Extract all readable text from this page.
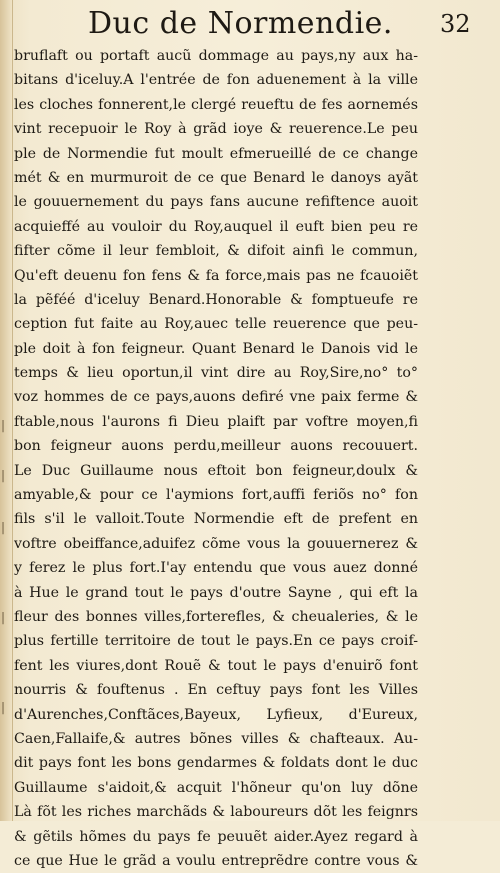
|
|
|
|
|
Duc de Normendie. 32
bruflaft ou portaft aucũ dommage au pays,ny aux ha-
bitans d'iceluy.A l'entrée de fon aduenement à la ville
les cloches fonnerent,le clergé reueftu de fes aornemés
vint recepuoir le Roy à grãd ioye & reuerence.Le peu
ple de Normendie fut moult efmerueillé de ce change
mét & en murmuroit de ce que Benard le danoys ayãt
le gouuernement du pays fans aucune refiftence auoit
acquieffé au vouloir du Roy,auquel il euft bien peu re
fifter cõme il leur fembloit, & difoit ainfi le commun,
Qu'eft deuenu fon fens & fa force,mais pas ne fcauoiẽt
la pẽféé d'iceluy Benard.Honorable & fomptueufe re
ception fut faite au Roy,auec telle reuerence que peu-
ple doit à fon feigneur. Quant Benard le Danois vid le
temps & lieu oportun,il vint dire au Roy,Sire,no° to°
voz hommes de ce pays,auons defiré vne paix ferme &
ftable,nous l'aurons fi Dieu plaift par voftre moyen,fi
bon feigneur auons perdu,meilleur auons recouuert.
Le Duc Guillaume nous eftoit bon feigneur,doulx &
amyable,& pour ce l'aymions fort,auffi feriõs no° fon
fils s'il le valloit.Toute Normendie eft de prefent en
voftre obeiffance,aduifez cõme vous la gouuernerez &
y ferez le plus fort.I'ay entendu que vous auez donné
à Hue le grand tout le pays d'outre Sayne , qui eft la
fleur des bonnes villes,forterefles, & cheualeries, & le
plus fertille territoire de tout le pays.En ce pays croif-
fent les viures,dont Rouẽ & tout le pays d'enuirõ font
nourris & fouftenus . En ceftuy pays font les Villes
d'Aurenches,Conftãces,Bayeux, Lyfieux, d'Eureux,
Caen,Fallaife,& autres bõnes villes & chafteaux. Au-
dit pays font les bons gendarmes & foldats dont le duc
Guillaume s'aidoit,& acquit l'hõneur qu'on luy dõne
Là fõt les riches marchãds & laboureurs dõt les feignrs
& gẽtils hõmes du pays fe peuuẽt aider.Ayez regard à
ce que Hue le grãd a voulu entreprẽdre contre vous &
